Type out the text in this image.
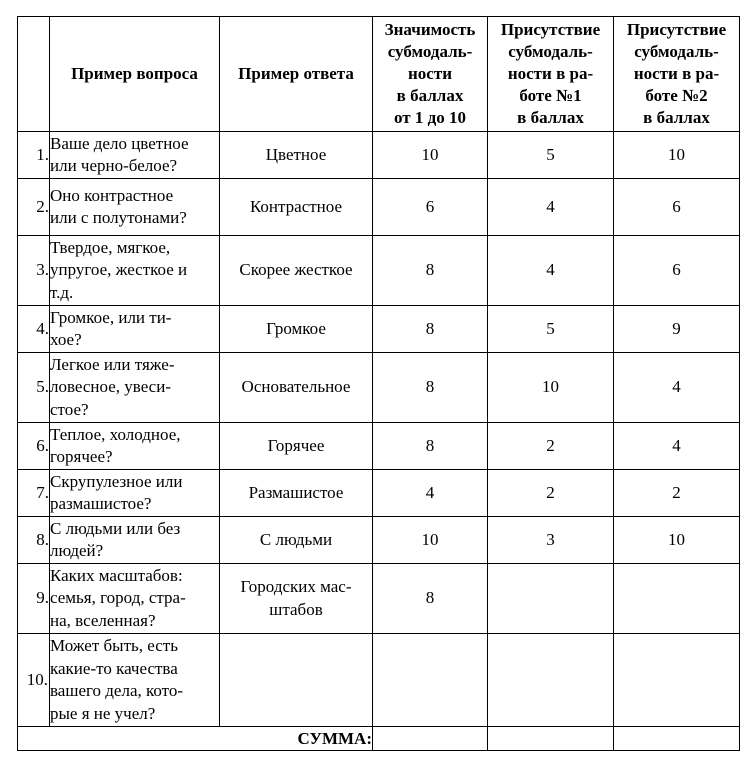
	Пример вопроса	Пример ответа	Значимость
субмодаль-
ности
в баллах
от 1 до 10	Присутствие
субмодаль-
ности в ра-
боте №1
в баллах	Присутствие
субмодаль-
ности в ра-
боте №2
в баллах

1.	Ваше дело цветное
или черно-белое?	Цветное	10	5	10
2.	Оно контрастное
или с полутонами?	Контрастное	6	4	6
3.	Твердое, мягкое,
упругое, жесткое и
т.д.	Скорее жесткое	8	4	6
4.	Громкое, или ти-
хое?	Громкое	8	5	9
5.	Легкое или тяже-
ловесное, увеси-
стое?	Основательное	8	10	4
6.	Теплое, холодное,
горячее?	Горячее	8	2	4
7.	Скрупулезное или
размашистое?	Размашистое	4	2	2
8.	С людьми или без
людей?	С людьми	10	3	10
9.	Каких масштабов:
семья, город, стра-
на, вселенная?	Городских мас-
штабов	8		
10.	Может быть, есть
какие-то качества
вашего дела, кото-
рые я не учел?				
СУММА:					
